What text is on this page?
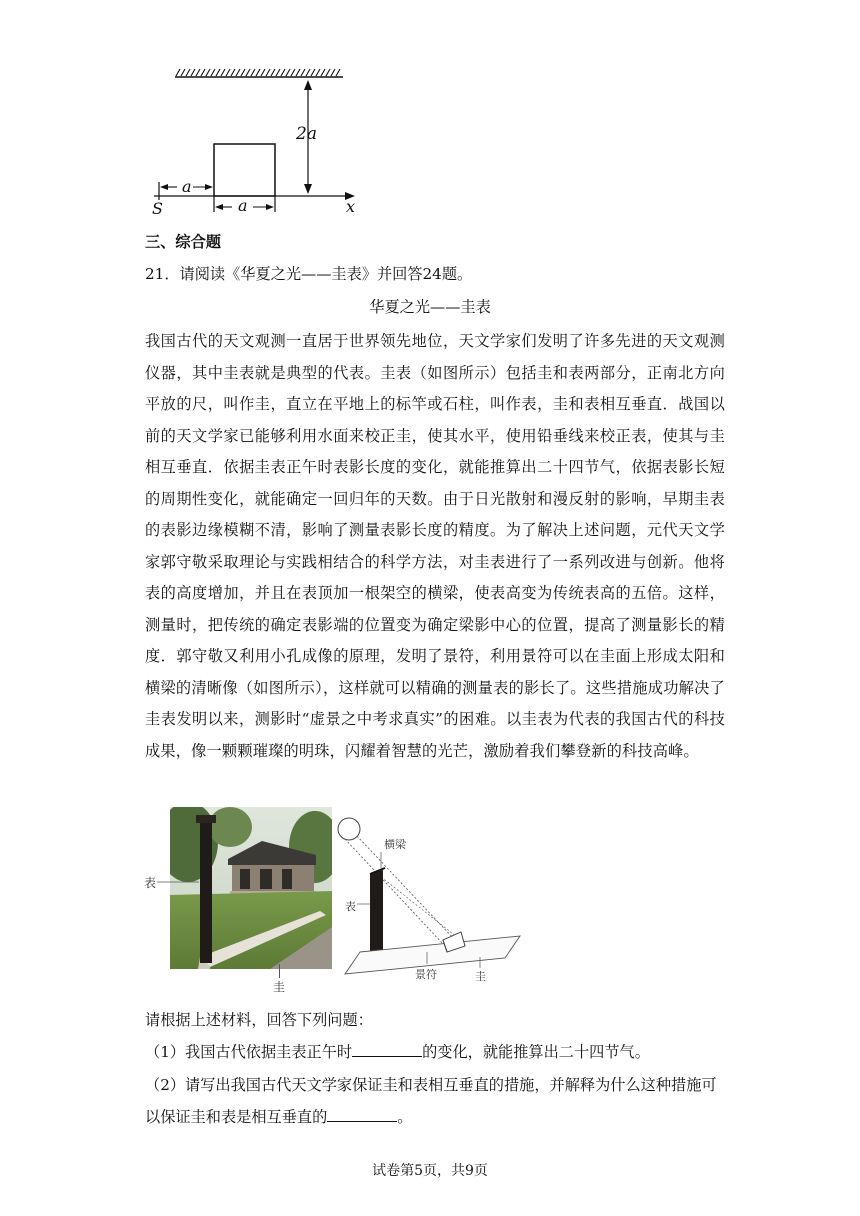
2a
a
a
S	x
三、综合题
21．请阅读《华夏之光——圭表》并回答24题。
华夏之光——圭表
我国古代的天文观测一直居于世界领先地位，天文学家们发明了许多先进的天文观测仪器，其中圭表就是典型的代表。圭表（如图所示）包括圭和表两部分，正南北方向平放的尺，叫作圭，直立在平地上的标竿或石柱，叫作表，圭和表相互垂直．战国以前的天文学家已能够利用水面来校正圭，使其水平，使用铅垂线来校正表，使其与圭相互垂直．依据圭表正午时表影长度的变化，就能推算出二十四节气，依据表影长短的周期性变化，就能确定一回归年的天数。由于日光散射和漫反射的影响，早期圭表的表影边缘模糊不清，影响了测量表影长度的精度。为了解决上述问题，元代天文学家郭守敬采取理论与实践相结合的科学方法，对圭表进行了一系列改进与创新。他将表的高度增加，并且在表顶加一根架空的横梁，使表高变为传统表高的五倍。这样，测量时，把传统的确定表影端的位置变为确定梁影中心的位置，提高了测量影长的精度．郭守敬又利用小孔成像的原理，发明了景符，利用景符可以在圭面上形成太阳和横梁的清晰像（如图所示），这样就可以精确的测量表的影长了。这些措施成功解决了圭表发明以来，测影时“虚景之中考求真实”的困难。以圭表为代表的我国古代的科技成果，像一颗颗璀璨的明珠，闪耀着智慧的光芒，激励着我们攀登新的科技高峰。
表
圭
横梁
表
景符	圭
请根据上述材料，回答下列问题：
（1）我国古代依据圭表正午时	的变化，就能推算出二十四节气。
（2）请写出我国古代天文学家保证圭和表相互垂直的措施，并解释为什么这种措施可
以保证圭和表是相互垂直的	。
试卷第5页，共9页
